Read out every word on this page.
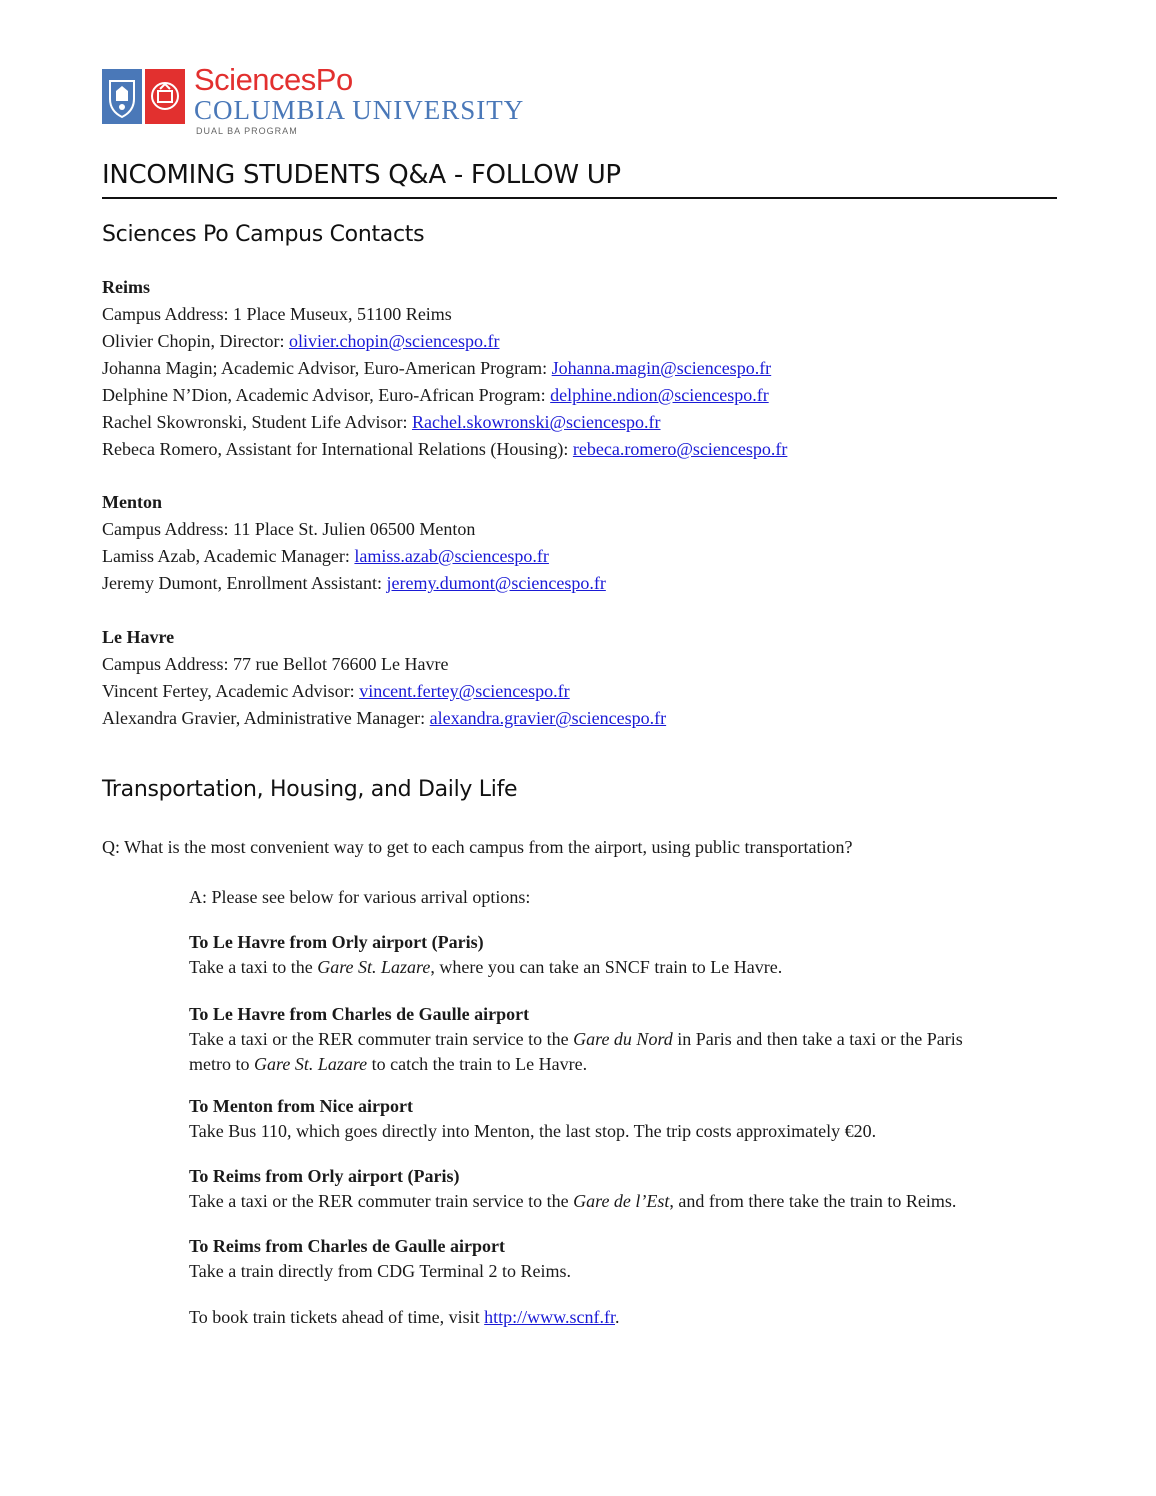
SciencesPo
COLUMBIA UNIVERSITY
DUAL BA PROGRAM
INCOMING STUDENTS Q&A - FOLLOW UP
Sciences Po Campus Contacts
Reims
Campus Address: 1 Place Museux, 51100 Reims
Olivier Chopin, Director: olivier.chopin@sciencespo.fr
Johanna Magin; Academic Advisor, Euro-American Program: Johanna.magin@sciencespo.fr
Delphine N’Dion, Academic Advisor, Euro-African Program: delphine.ndion@sciencespo.fr
Rachel Skowronski, Student Life Advisor: Rachel.skowronski@sciencespo.fr
Rebeca Romero, Assistant for International Relations (Housing): rebeca.romero@sciencespo.fr
Menton
Campus Address: 11 Place St. Julien 06500 Menton
Lamiss Azab, Academic Manager: lamiss.azab@sciencespo.fr
Jeremy Dumont, Enrollment Assistant: jeremy.dumont@sciencespo.fr
Le Havre
Campus Address: 77 rue Bellot 76600 Le Havre
Vincent Fertey, Academic Advisor: vincent.fertey@sciencespo.fr
Alexandra Gravier, Administrative Manager: alexandra.gravier@sciencespo.fr
Transportation, Housing, and Daily Life
Q: What is the most convenient way to get to each campus from the airport, using public transportation?
A: Please see below for various arrival options:
To Le Havre from Orly airport (Paris)
Take a taxi to the Gare St. Lazare, where you can take an SNCF train to Le Havre.
To Le Havre from Charles de Gaulle airport
Take a taxi or the RER commuter train service to the Gare du Nord in Paris and then take a taxi or the Paris
metro to Gare St. Lazare to catch the train to Le Havre.
To Menton from Nice airport
Take Bus 110, which goes directly into Menton, the last stop. The trip costs approximately €20.
To Reims from Orly airport (Paris)
Take a taxi or the RER commuter train service to the Gare de l’Est, and from there take the train to Reims.
To Reims from Charles de Gaulle airport
Take a train directly from CDG Terminal 2 to Reims.
To book train tickets ahead of time, visit http://www.scnf.fr.
